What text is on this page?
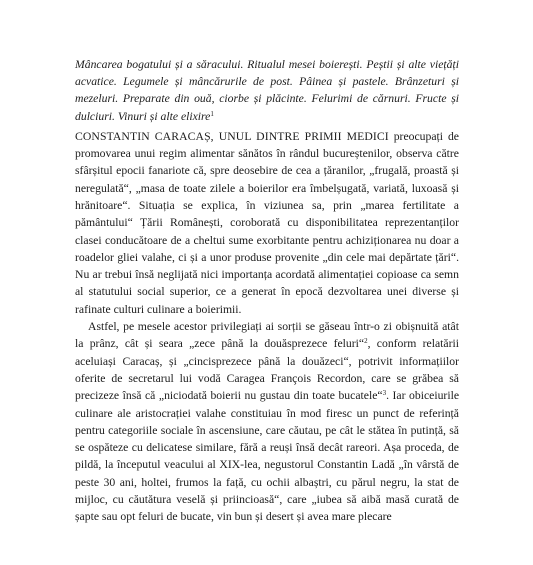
Mâncarea bogatului și a săracului. Ritualul mesei boierești. Peștii și alte viețăți acvatice. Legumele și mâncărurile de post. Pâinea și pastele. Brânzeturi și mezeluri. Preparate din ouă, ciorbe și plăcinte. Felurimi de cărnuri. Fructe și dulciuri. Vinuri și alte elixire$^1$

CONSTANTIN CARACAȘ, UNUL DINTRE PRIMII MEDICI preocupați de promovarea unui regim alimentar sănătos în rândul bucureștenilor, observa către sfârșitul epocii fanariote că, spre deosebire de cea a țăranilor, „frugală, proastă și neregulată“, „masa de toate zilele a boierilor era îmbelșugată, variată, luxoasă și hrănitoare“. Situația se explica, în viziunea sa, prin „marea fertilitate a pământului“ Țării Românești, coroborată cu disponibilitatea reprezentanților clasei conducătoare de a cheltui sume exorbitante pentru achiziționarea nu doar a roadelor gliei valahe, ci și a unor produse provenite „din cele mai depărtate țări“. Nu ar trebui însă neglijată nici importanța acordată alimentației copioase ca semn al statutului social superior, ce a generat în epocă dezvoltarea unei diverse și rafinate culturi culinare a boierimii.

Astfel, pe mesele acestor privilegiați ai sorții se găseau într-o zi obișnuită atât la prânz, cât și seara „zece până la douăsprezece feluri“$^2$, conform relatării aceluiași Caracaș, și „cincisprezece până la douăzeci“, potrivit informațiilor oferite de secretarul lui vodă Caragea François Recordon, care se grăbea să precizeze însă că „niciodată boierii nu gustau din toate bucatele“$^3$. Iar obiceiurile culinare ale aristocrației valahe constituiau în mod firesc un punct de referință pentru categoriile sociale în ascensiune, care căutau, pe cât le stătea în putință, să se ospăteze cu delicatese similare, fără a reuși însă decât rareori. Așa proceda, de pildă, la începutul veacului al XIX-lea, negustorul Constantin Ladă „în vârstă de peste 30 ani, holtei, frumos la față, cu ochii albaștri, cu părul negru, la stat de mijloc, cu căutătura veselă și priincioasă“, care „iubea să aibă masă curată de șapte sau opt feluri de bucate, vin bun și desert și avea mare plecare
